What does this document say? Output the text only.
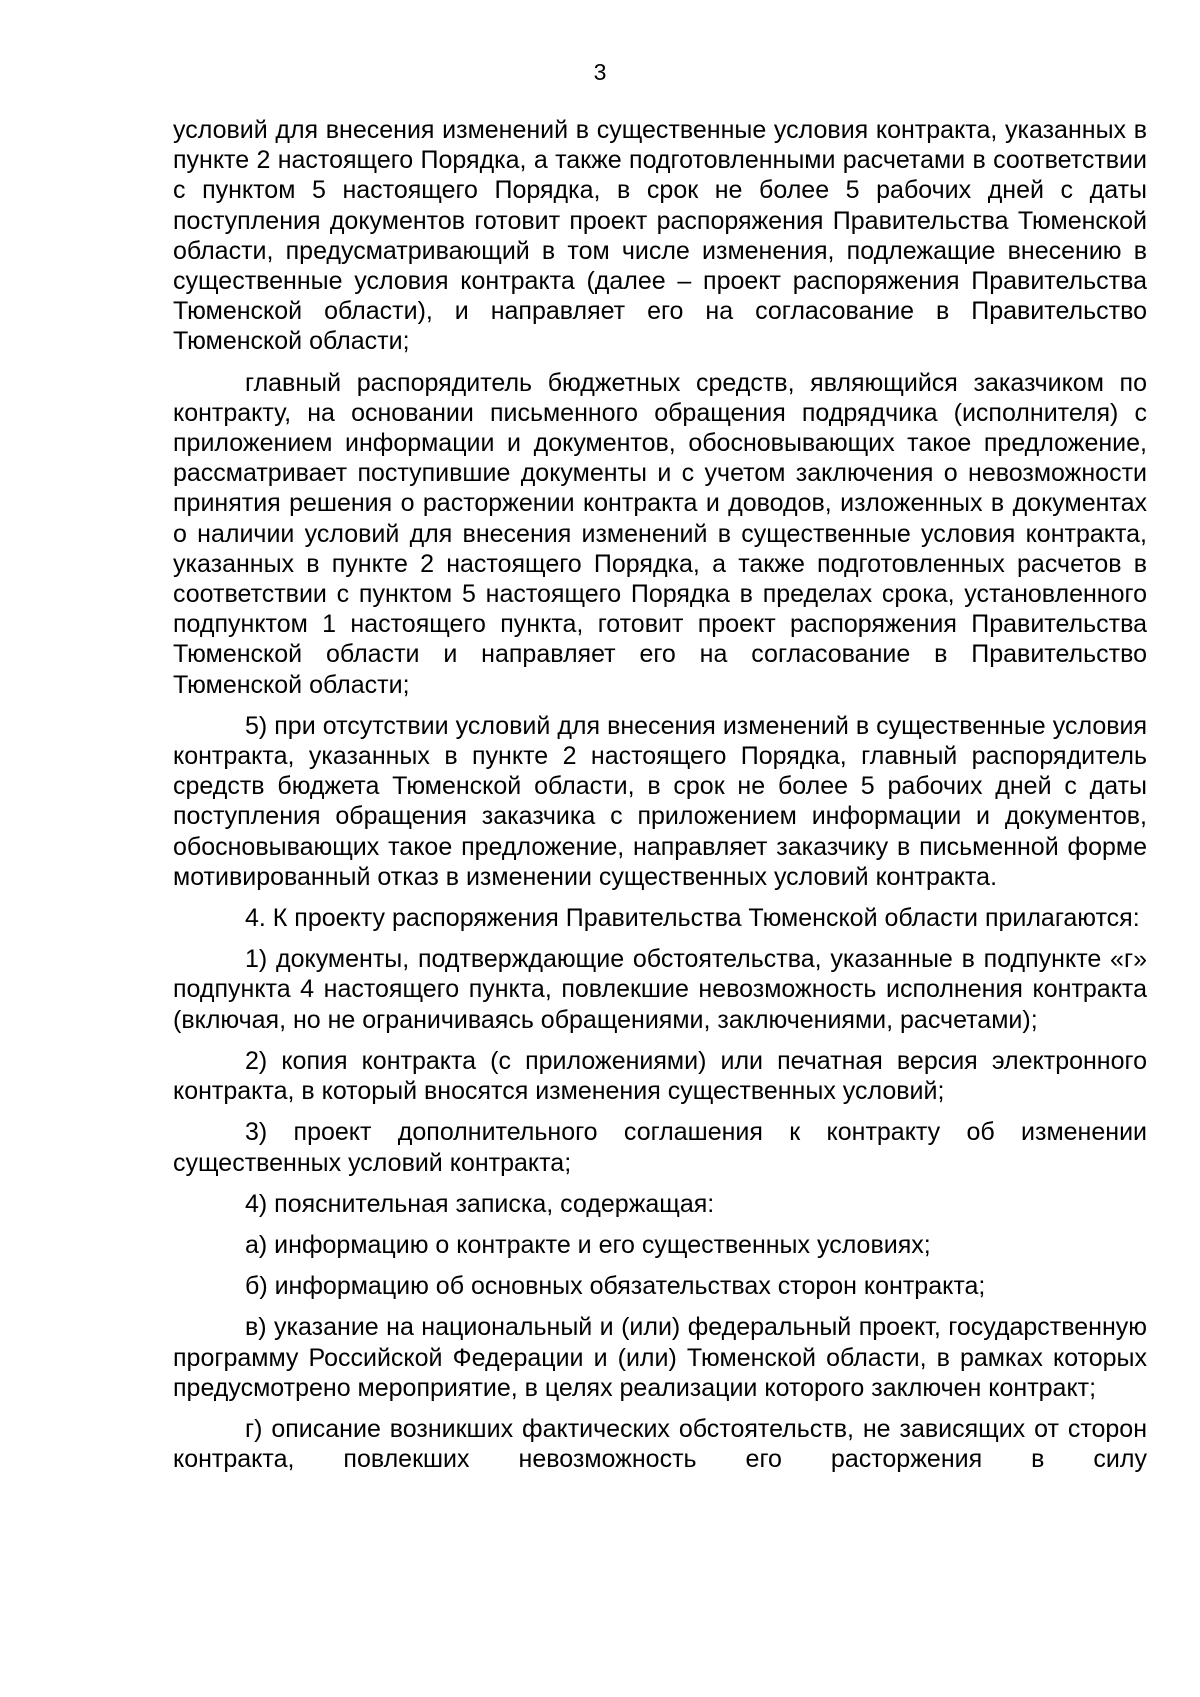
3

условий для внесения изменений в существенные условия контракта, указанных в пункте 2 настоящего Порядка, а также подготовленными расчетами в соответствии с пунктом 5 настоящего Порядка, в срок не более 5 рабочих дней с даты поступления документов готовит проект распоряжения Правительства Тюменской области, предусматривающий в том числе изменения, подлежащие внесению в существенные условия контракта (далее – проект распоряжения Правительства Тюменской области), и направляет его на согласование в Правительство Тюменской области;

главный распорядитель бюджетных средств, являющийся заказчиком по контракту, на основании письменного обращения подрядчика (исполнителя) с приложением информации и документов, обосновывающих такое предложение, рассматривает поступившие документы и с учетом заключения о невозможности принятия решения о расторжении контракта и доводов, изложенных в документах о наличии условий для внесения изменений в существенные условия контракта, указанных в пункте 2 настоящего Порядка, а также подготовленных расчетов в соответствии с пунктом 5 настоящего Порядка в пределах срока, установленного подпунктом 1 настоящего пункта, готовит проект распоряжения Правительства Тюменской области и направляет его на согласование в Правительство Тюменской области;

5) при отсутствии условий для внесения изменений в существенные условия контракта, указанных в пункте 2 настоящего Порядка, главный распорядитель средств бюджета Тюменской области, в срок не более 5 рабочих дней с даты поступления обращения заказчика с приложением информации и документов, обосновывающих такое предложение, направляет заказчику в письменной форме мотивированный отказ в изменении существенных условий контракта.

4. К проекту распоряжения Правительства Тюменской области прилагаются:

1) документы, подтверждающие обстоятельства, указанные в подпункте «г» подпункта 4 настоящего пункта, повлекшие невозможность исполнения контракта (включая, но не ограничиваясь обращениями, заключениями, расчетами);

2) копия контракта (с приложениями) или печатная версия электронного контракта, в который вносятся изменения существенных условий;

3) проект дополнительного соглашения к контракту об изменении существенных условий контракта;

4) пояснительная записка, содержащая:

а) информацию о контракте и его существенных условиях;

б) информацию об основных обязательствах сторон контракта;

в) указание на национальный и (или) федеральный проект, государственную программу Российской Федерации и (или) Тюменской области, в рамках которых предусмотрено мероприятие, в целях реализации которого заключен контракт;

г) описание возникших фактических обстоятельств, не зависящих от сторон контракта, повлекших невозможность его расторжения в силу
